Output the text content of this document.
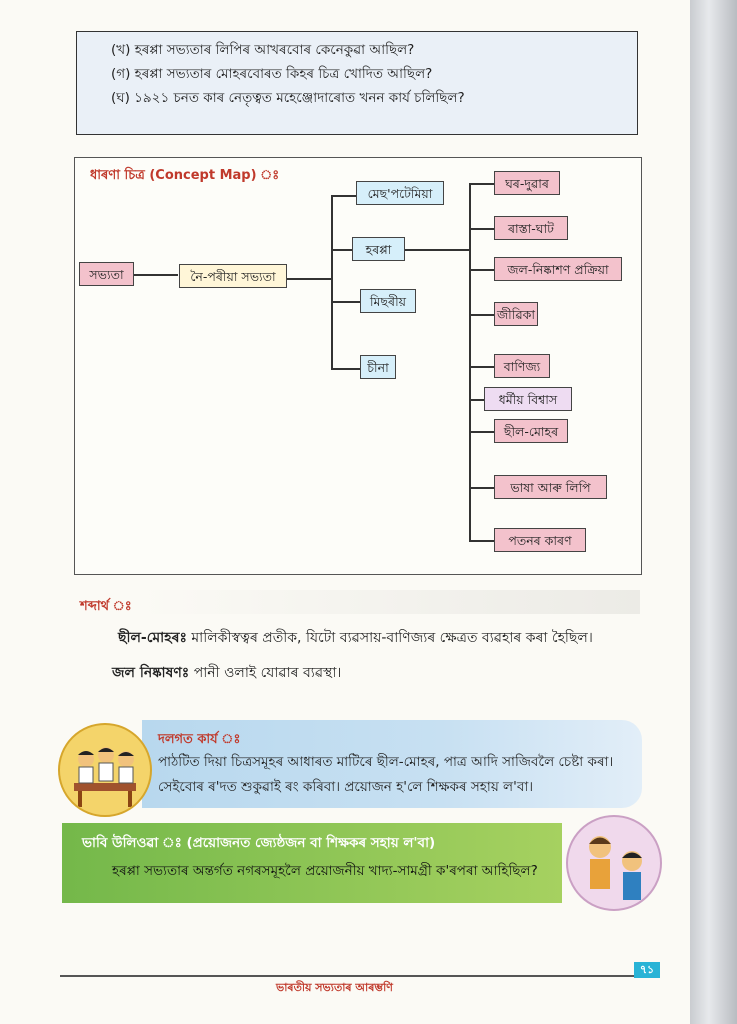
(খ) হৰপ্পা সভ্যতাৰ লিপিৰ আখৰবোৰ কেনেকুৱা আছিল?
(গ) হৰপ্পা সভ্যতাৰ মোহৰবোৰত কিহৰ চিত্ৰ খোদিত আছিল?
(ঘ) ১৯২১ চনত কাৰ নেতৃত্বত মহেঞ্জোদাৰোত খনন কাৰ্য চলিছিল?
ধাৰণা চিত্ৰ (Concept Map) ঃ
সভ্যতা	নৈ-পৰীয়া সভ্যতা
মেছ'পটেমিয়া
হৰপ্পা
মিছৰীয়
চীনা
ঘৰ-দুৱাৰ
ৰাস্তা-ঘাট
জল-নিষ্কাশণ প্ৰক্ৰিয়া
জীৱিকা
বাণিজ্য
ধৰ্মীয় বিশ্বাস
ছীল-মোহৰ
ভাষা আৰু লিপি
পতনৰ কাৰণ
শব্দাৰ্থ ঃ
ছীল-মোহৰঃ মালিকীস্বত্বৰ প্ৰতীক, যিটো ব্যৱসায়-বাণিজ্যৰ ক্ষেত্ৰত ব্যৱহাৰ কৰা হৈছিল।
জল নিষ্কাষণঃ পানী ওলাই যোৱাৰ ব্যৱস্থা।
দলগত কাৰ্য ঃ
পাঠটিত দিয়া চিত্ৰসমূহৰ আধাৰত মাটিৰে ছীল-মোহৰ, পাত্ৰ আদি সাজিবলৈ চেষ্টা কৰা।
সেইবোৰ ৰ'দত শুকুৱাই ৰং কৰিবা। প্ৰয়োজন হ'লে শিক্ষকৰ সহায় ল'বা।
ভাবি উলিওৱা ঃ (প্ৰয়োজনত জ্যেষ্ঠজন বা শিক্ষকৰ সহায় ল'বা)
হৰপ্পা সভ্যতাৰ অন্তৰ্গত নগৰসমূহলৈ প্ৰয়োজনীয় খাদ্য-সামগ্ৰী ক'ৰপৰা আহিছিল?
৭১
ভাৰতীয় সভ্যতাৰ আৰম্ভণি
